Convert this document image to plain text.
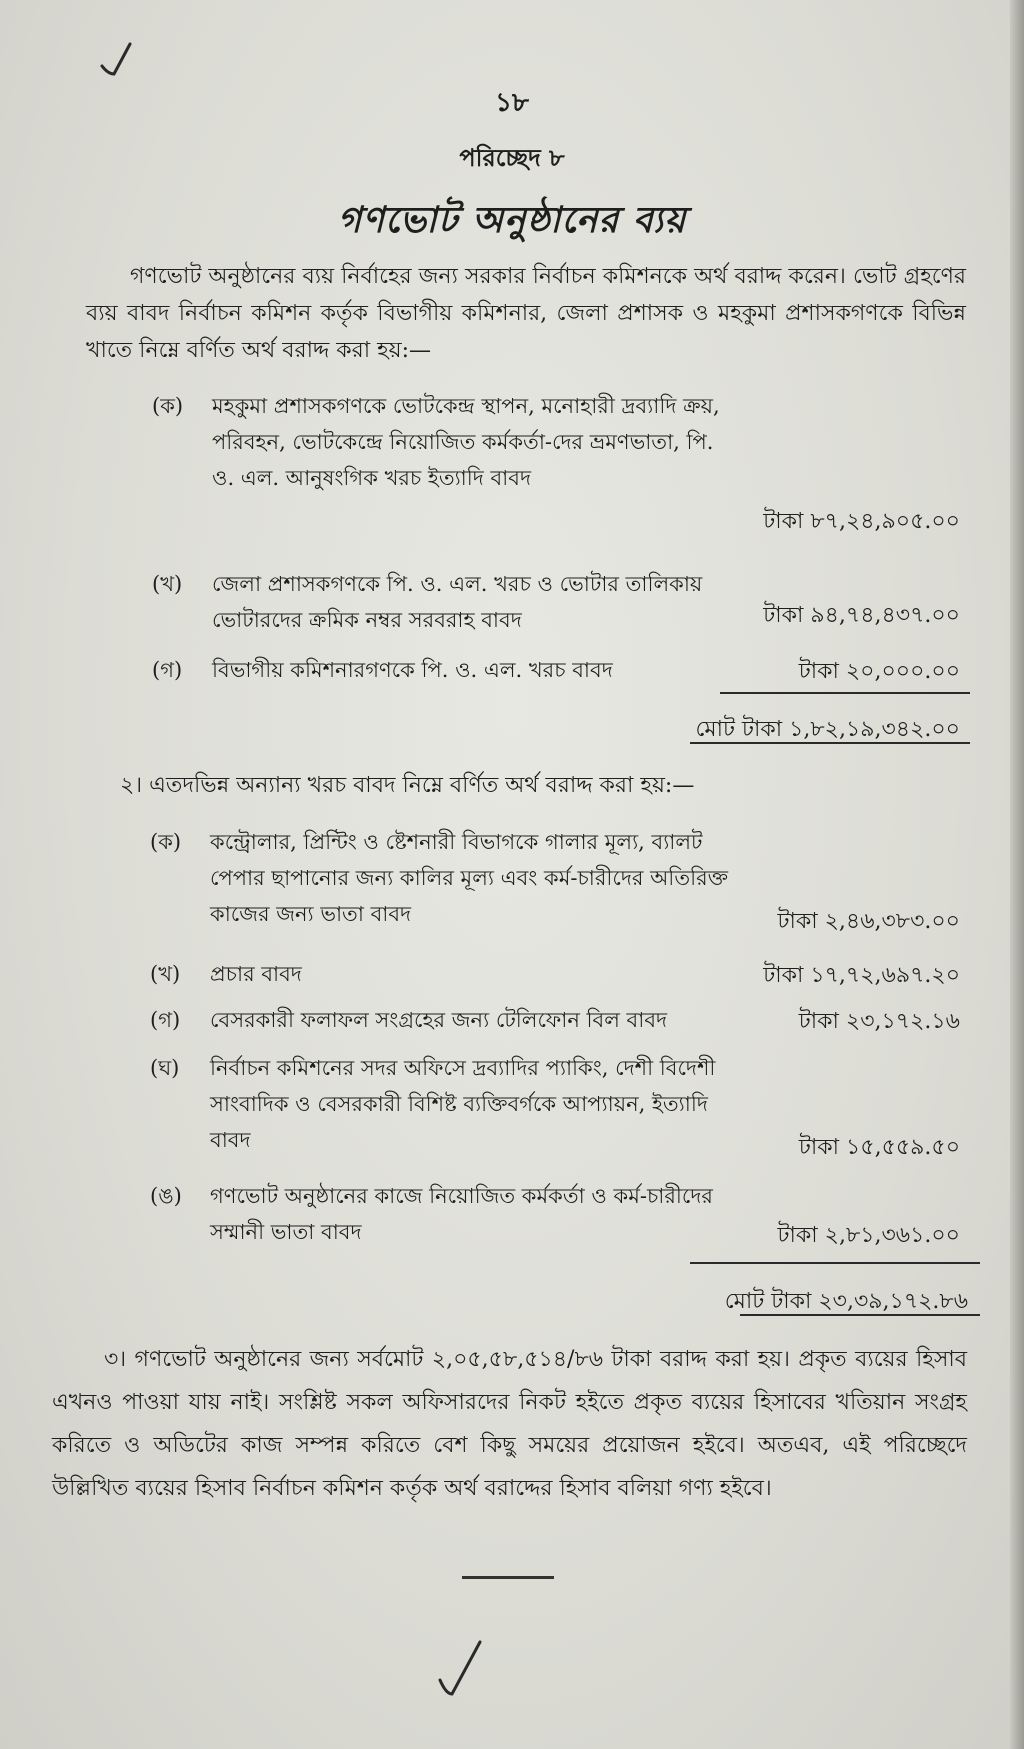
১৮
পরিচ্ছেদ ৮
গণভোট অনুষ্ঠানের ব্যয়
গণভোট অনুষ্ঠানের ব্যয় নির্বাহের জন্য সরকার নির্বাচন কমিশনকে অর্থ বরাদ্দ করেন। ভোট গ্রহণের ব্যয় বাবদ নির্বাচন কমিশন কর্তৃক বিভাগীয় কমিশনার, জেলা প্রশাসক ও মহকুমা প্রশাসকগণকে বিভিন্ন খাতে নিম্নে বর্ণিত অর্থ বরাদ্দ করা হয়:—
(ক) মহকুমা প্রশাসকগণকে ভোটকেন্দ্র স্থাপন, মনোহারী দ্রব্যাদি ক্রয়, পরিবহন, ভোটকেন্দ্রে নিয়োজিত কর্মকর্তা-দের ভ্রমণভাতা, পি. ও. এল. আনুষংগিক খরচ ইত্যাদি বাবদ
টাকা ৮৭,২৪,৯০৫.০০
(খ) জেলা প্রশাসকগণকে পি. ও. এল. খরচ ও ভোটার তালিকায় ভোটারদের ক্রমিক নম্বর সরবরাহ বাবদ	টাকা ৯৪,৭৪,৪৩৭.০০
(গ) বিভাগীয় কমিশনারগণকে পি. ও. এল. খরচ বাবদ	টাকা ২০,০০০.০০
মোট টাকা ১,৮২,১৯,৩৪২.০০
২। এতদভিন্ন অন্যান্য খরচ বাবদ নিম্নে বর্ণিত অর্থ বরাদ্দ করা হয়:—
(ক) কন্ট্রোলার, প্রিন্টিং ও ষ্টেশনারী বিভাগকে গালার মূল্য, ব্যালট পেপার ছাপানোর জন্য কালির মূল্য এবং কর্ম-চারীদের অতিরিক্ত কাজের জন্য ভাতা বাবদ	টাকা ২,৪৬,৩৮৩.০০
(খ) প্রচার বাবদ	টাকা ১৭,৭২,৬৯৭.২০
(গ) বেসরকারী ফলাফল সংগ্রহের জন্য টেলিফোন বিল বাবদ	টাকা ২৩,১৭২.১৬
(ঘ) নির্বাচন কমিশনের সদর অফিসে দ্রব্যাদির প্যাকিং, দেশী বিদেশী সাংবাদিক ও বেসরকারী বিশিষ্ট ব্যক্তিবর্গকে আপ্যায়ন, ইত্যাদি বাবদ	টাকা ১৫,৫৫৯.৫০
(ঙ) গণভোট অনুষ্ঠানের কাজে নিয়োজিত কর্মকর্তা ও কর্ম-চারীদের সম্মানী ভাতা বাবদ	টাকা ২,৮১,৩৬১.০০
মোট টাকা ২৩,৩৯,১৭২.৮৬
৩। গণভোট অনুষ্ঠানের জন্য সর্বমোট ২,০৫,৫৮,৫১৪/৮৬ টাকা বরাদ্দ করা হয়। প্রকৃত ব্যয়ের হিসাব এখনও পাওয়া যায় নাই। সংশ্লিষ্ট সকল অফিসারদের নিকট হইতে প্রকৃত ব্যয়ের হিসাবের খতিয়ান সংগ্রহ করিতে ও অডিটের কাজ সম্পন্ন করিতে বেশ কিছু সময়ের প্রয়োজন হইবে। অতএব, এই পরিচ্ছেদে উল্লিখিত ব্যয়ের হিসাব নির্বাচন কমিশন কর্তৃক অর্থ বরাদ্দের হিসাব বলিয়া গণ্য হইবে।
